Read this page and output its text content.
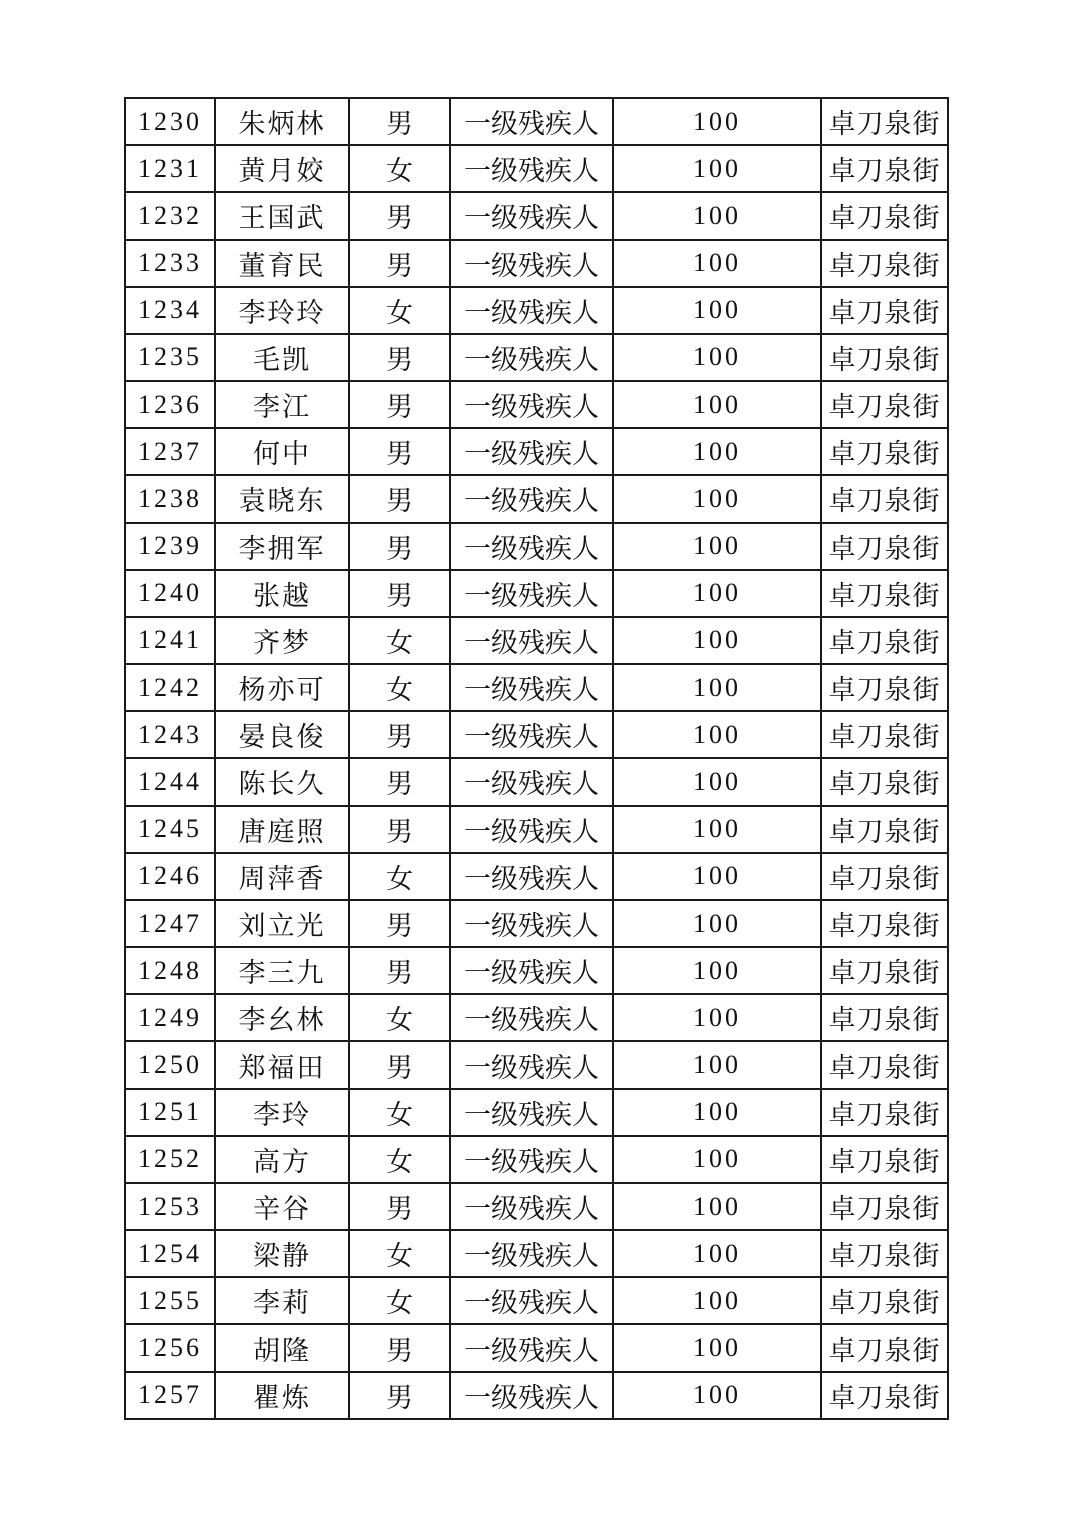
1230	朱炳林	男	一级残疾人	100	卓刀泉街
1231	黄月姣	女	一级残疾人	100	卓刀泉街
1232	王国武	男	一级残疾人	100	卓刀泉街
1233	董育民	男	一级残疾人	100	卓刀泉街
1234	李玲玲	女	一级残疾人	100	卓刀泉街
1235	毛凯	男	一级残疾人	100	卓刀泉街
1236	李江	男	一级残疾人	100	卓刀泉街
1237	何中	男	一级残疾人	100	卓刀泉街
1238	袁晓东	男	一级残疾人	100	卓刀泉街
1239	李拥军	男	一级残疾人	100	卓刀泉街
1240	张越	男	一级残疾人	100	卓刀泉街
1241	齐梦	女	一级残疾人	100	卓刀泉街
1242	杨亦可	女	一级残疾人	100	卓刀泉街
1243	晏良俊	男	一级残疾人	100	卓刀泉街
1244	陈长久	男	一级残疾人	100	卓刀泉街
1245	唐庭照	男	一级残疾人	100	卓刀泉街
1246	周萍香	女	一级残疾人	100	卓刀泉街
1247	刘立光	男	一级残疾人	100	卓刀泉街
1248	李三九	男	一级残疾人	100	卓刀泉街
1249	李幺林	女	一级残疾人	100	卓刀泉街
1250	郑福田	男	一级残疾人	100	卓刀泉街
1251	李玲	女	一级残疾人	100	卓刀泉街
1252	高方	女	一级残疾人	100	卓刀泉街
1253	辛谷	男	一级残疾人	100	卓刀泉街
1254	梁静	女	一级残疾人	100	卓刀泉街
1255	李莉	女	一级残疾人	100	卓刀泉街
1256	胡隆	男	一级残疾人	100	卓刀泉街
1257	瞿炼	男	一级残疾人	100	卓刀泉街
